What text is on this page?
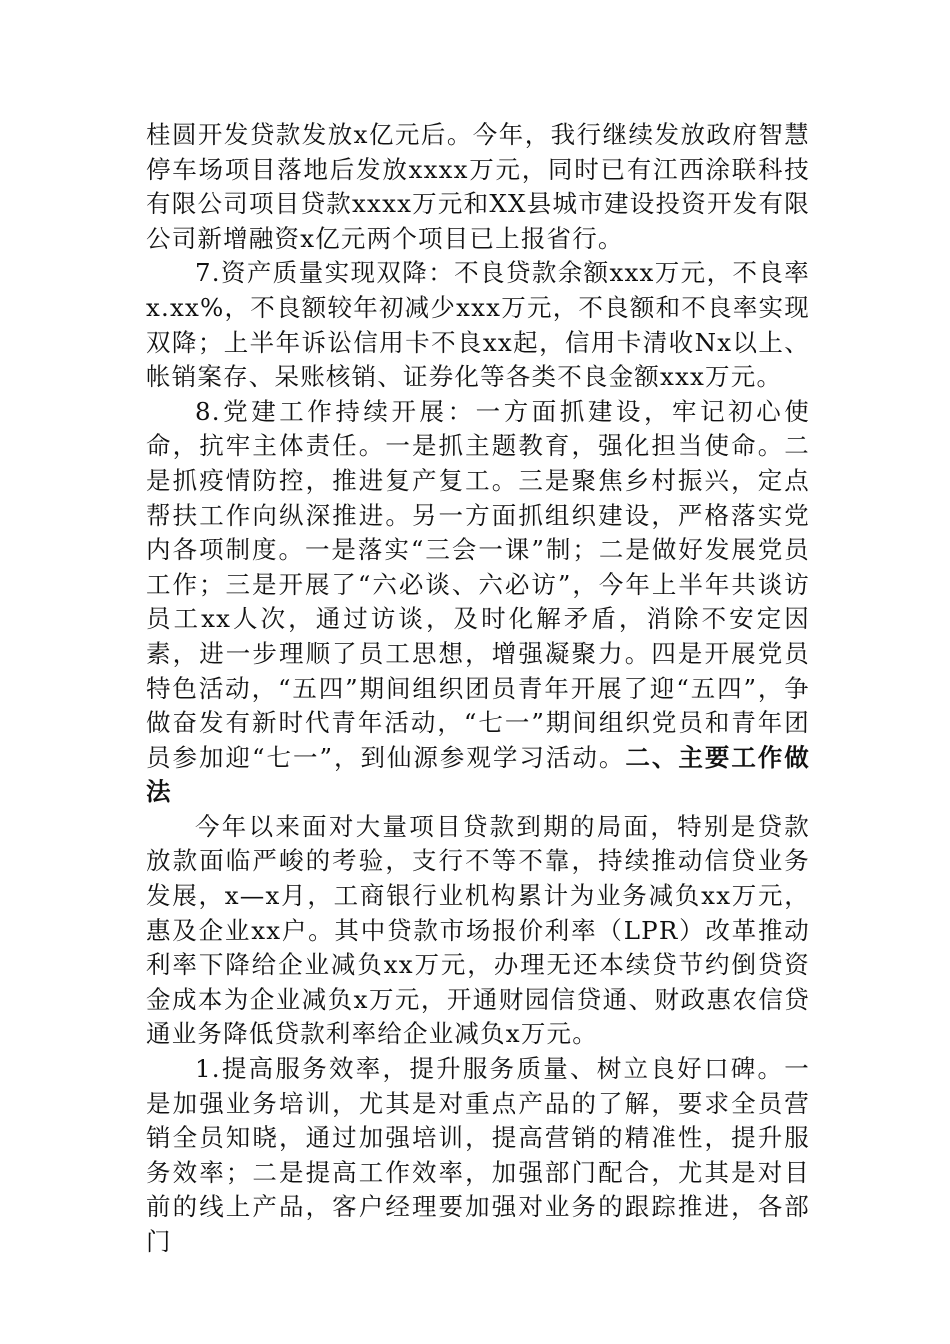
桂圆开发贷款发放x亿元后。今年，我行继续发放政府智慧停车场项目落地后发放xxxx万元，同时已有江西涂联科技有限公司项目贷款xxxx万元和XX县城市建设投资开发有限公司新增融资x亿元两个项目已上报省行。

7.资产质量实现双降：不良贷款余额xxx万元，不良率x.xx%，不良额较年初减少xxx万元，不良额和不良率实现双降；上半年诉讼信用卡不良xx起，信用卡清收Nx以上、帐销案存、呆账核销、证券化等各类不良金额xxx万元。

8.党建工作持续开展：一方面抓建设，牢记初心使命，抗牢主体责任。一是抓主题教育，强化担当使命。二是抓疫情防控，推进复产复工。三是聚焦乡村振兴，定点帮扶工作向纵深推进。另一方面抓组织建设，严格落实党内各项制度。一是落实“三会一课”制；二是做好发展党员工作；三是开展了“六必谈、六必访”，今年上半年共谈访员工xx人次，通过访谈，及时化解矛盾，消除不安定因素，进一步理顺了员工思想，增强凝聚力。四是开展党员特色活动，“五四”期间组织团员青年开展了迎“五四”，争做奋发有新时代青年活动，“七一”期间组织党员和青年团员参加迎“七一”，到仙源参观学习活动。二、主要工作做法

今年以来面对大量项目贷款到期的局面，特别是贷款放款面临严峻的考验，支行不等不靠，持续推动信贷业务发展，x—x月，工商银行业机构累计为业务减负xx万元，惠及企业xx户。其中贷款市场报价利率（LPR）改革推动利率下降给企业减负xx万元，办理无还本续贷节约倒贷资金成本为企业减负x万元，开通财园信贷通、财政惠农信贷通业务降低贷款利率给企业减负x万元。

1.提高服务效率，提升服务质量、树立良好口碑。一是加强业务培训，尤其是对重点产品的了解，要求全员营销全员知晓，通过加强培训，提高营销的精准性，提升服务效率；二是提高工作效率，加强部门配合，尤其是对目前的线上产品，客户经理要加强对业务的跟踪推进，各部门
